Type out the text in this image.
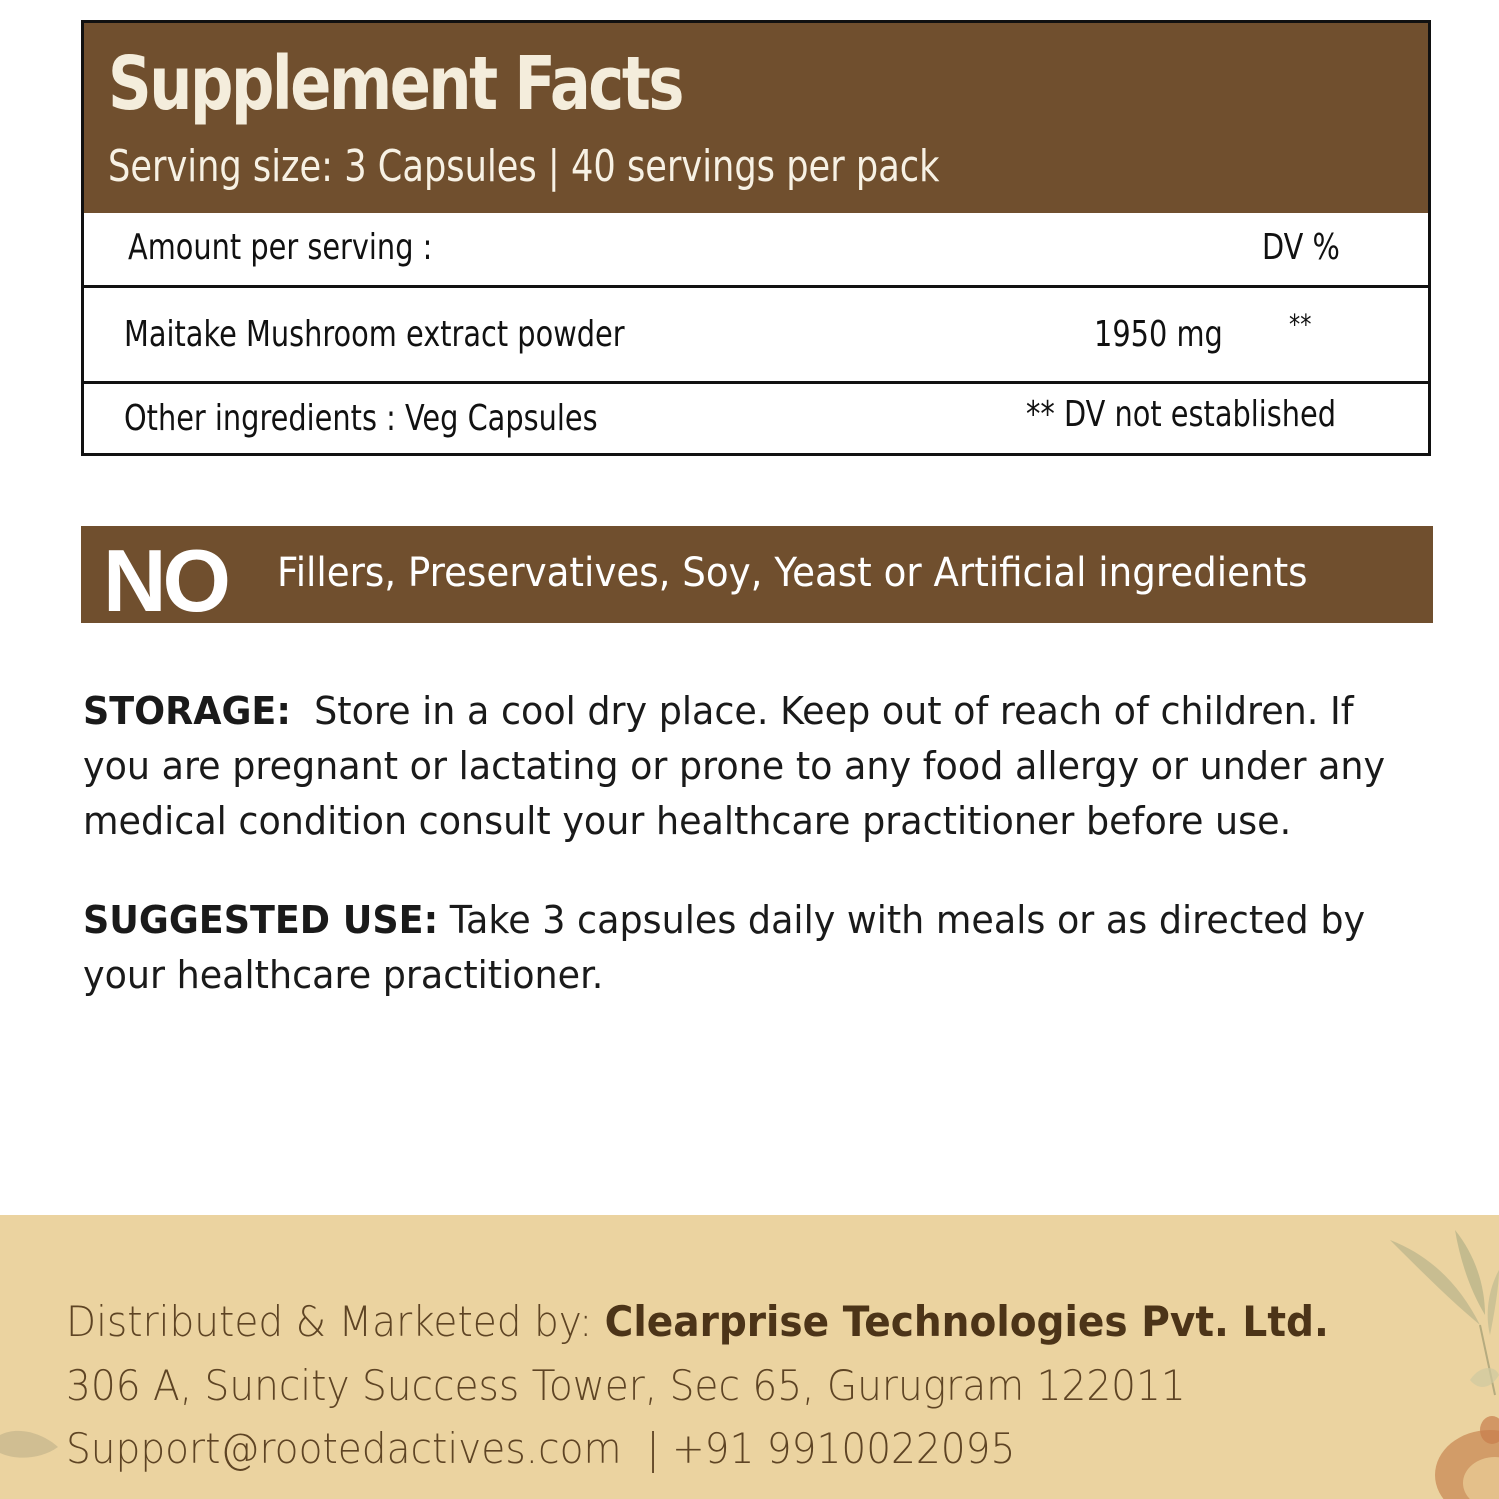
Supplement Facts
Serving size: 3 Capsules | 40 servings per pack
Amount per serving :	DV %
Maitake Mushroom extract powder	1950 mg **
Other ingredients : Veg Capsules	** DV not established
NO Fillers, Preservatives, Soy, Yeast or Artificial ingredients
STORAGE: Store in a cool dry place. Keep out of reach of children. If you are pregnant or lactating or prone to any food allergy or under any medical condition consult your healthcare practitioner before use.
SUGGESTED USE: Take 3 capsules daily with meals or as directed by your healthcare practitioner.
Distributed & Marketed by: Clearprise Technologies Pvt. Ltd.
306 A, Suncity Success Tower, Sec 65, Gurugram 122011
Support@rootedactives.com | +91 9910022095
